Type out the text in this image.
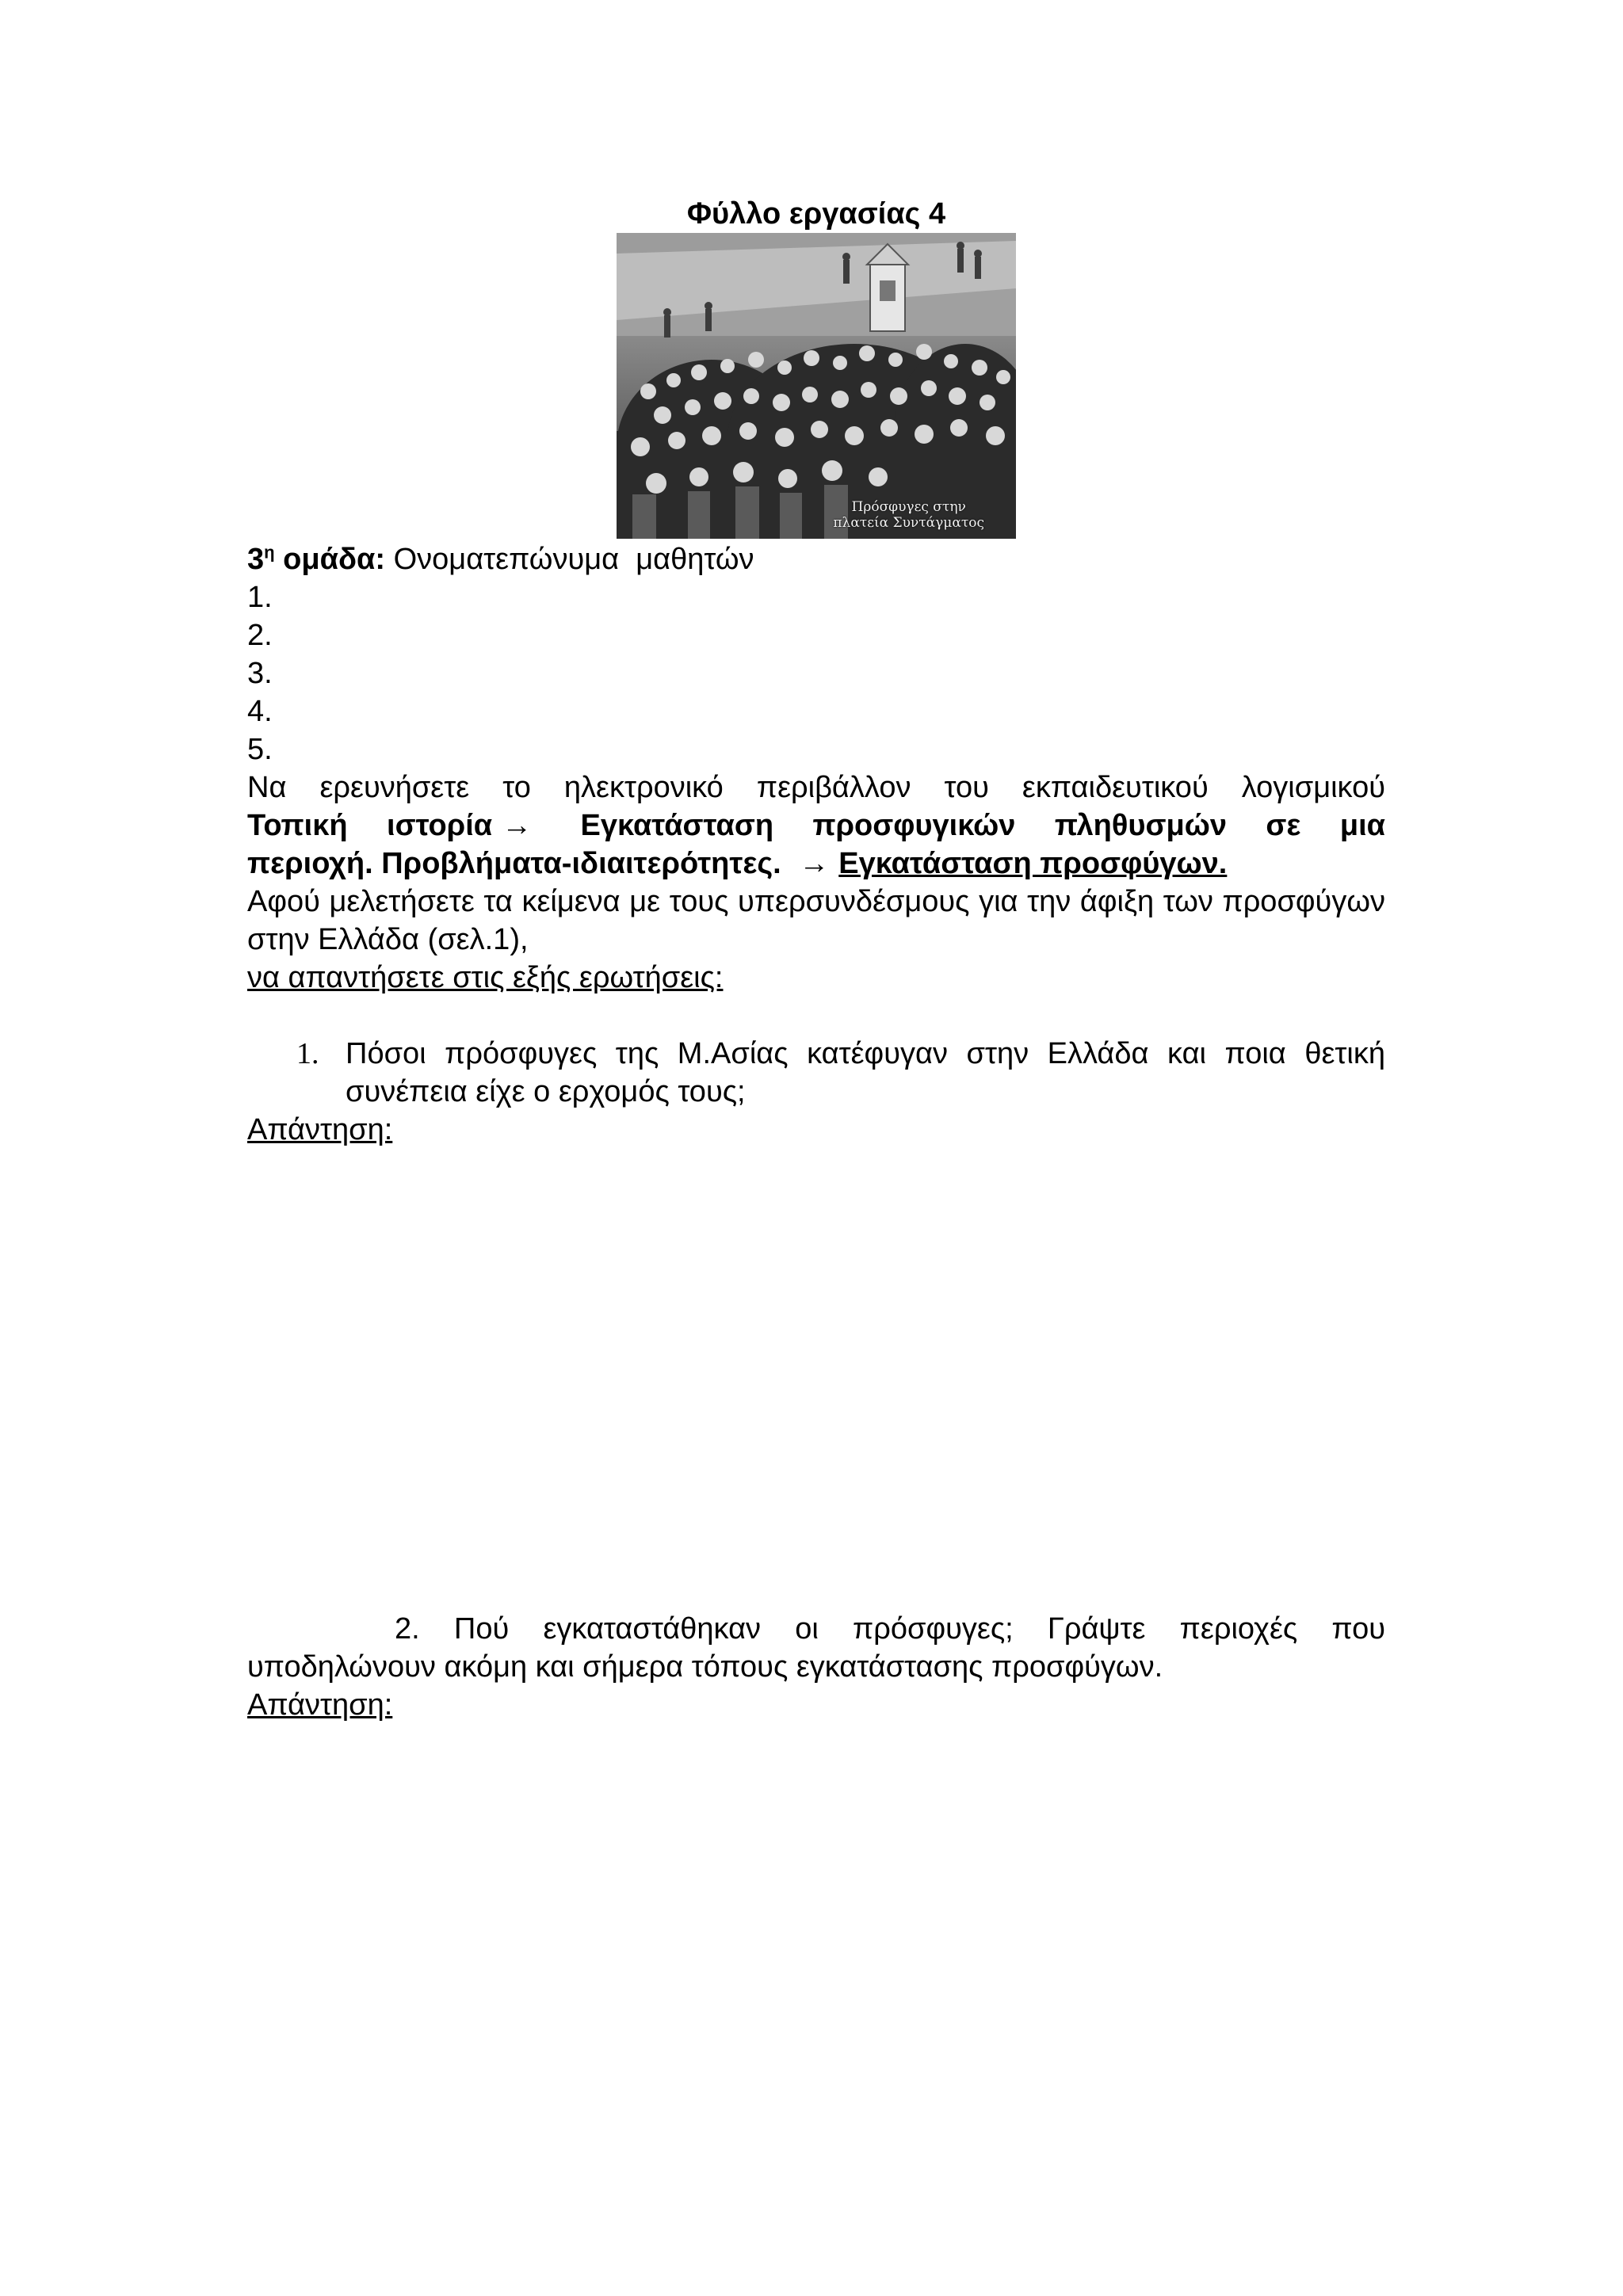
Φύλλο εργασίας 4
Πρόσφυγες στην
πλατεία Συντάγματος
$3^\eta$ ομάδα: Ονοματεπώνυμα  μαθητών
1.
2.
3.
4.
5.
Να ερευνήσετε το ηλεκτρονικό περιβάλλον του εκπαιδευτικού λογισμικού
Τοπική ιστορία → Εγκατάσταση προσφυγικών πληθυσμών σε μια
περιοχή. Προβλήματα-ιδιαιτερότητες. → Εγκατάσταση προσφύγων.
Αφού μελετήσετε τα κείμενα με τους υπερσυνδέσμους για την άφιξη των προσφύγων στην Ελλάδα (σελ.1),
να απαντήσετε στις εξής ερωτήσεις:
1. Πόσοι πρόσφυγες της Μ.Ασίας κατέφυγαν στην Ελλάδα και ποια θετική συνέπεια είχε ο ερχομός τους;
Απάντηση:
2. Πού εγκαταστάθηκαν οι πρόσφυγες; Γράψτε περιοχές που υποδηλώνουν ακόμη και σήμερα τόπους εγκατάστασης προσφύγων.
Απάντηση:
